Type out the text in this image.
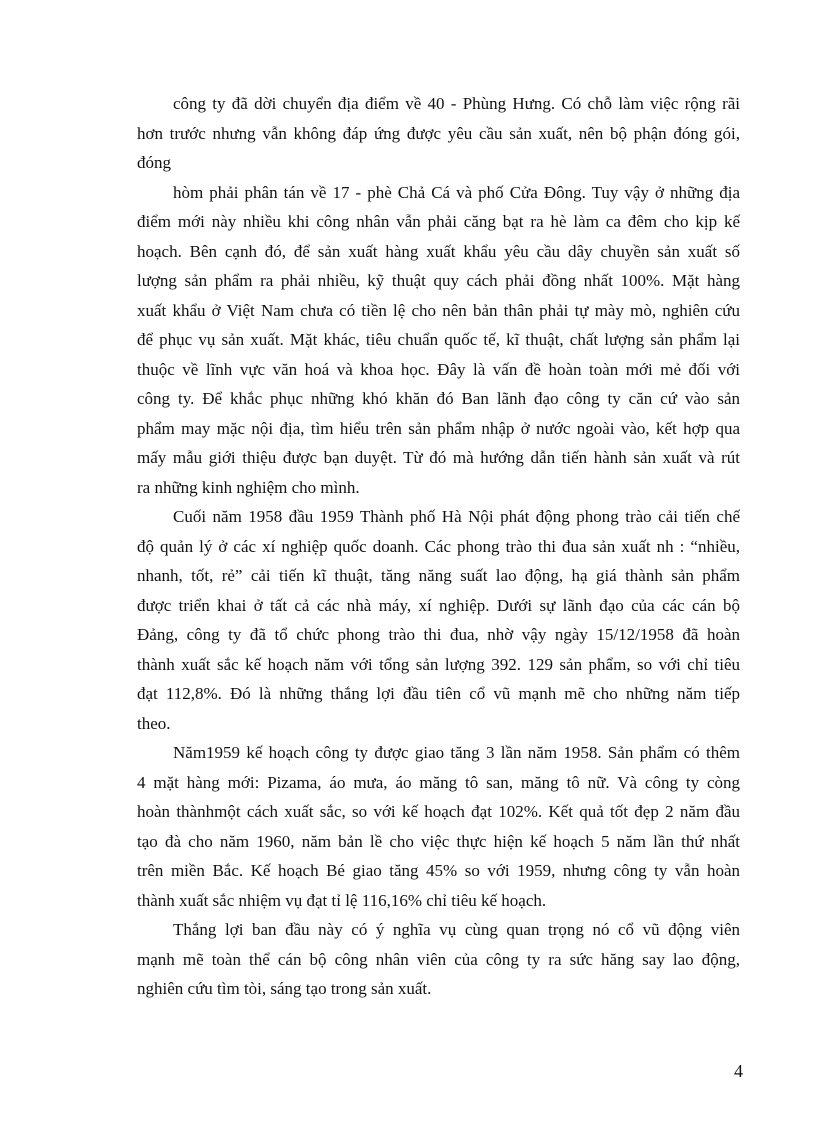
công ty đã dời chuyển địa điểm về 40 - Phùng Hưng. Có chỗ làm việc rộng rãi
hơn trước nhưng vẫn không đáp ứng được yêu cầu sản xuất, nên bộ phận đóng gói,
đóng
hòm phải phân tán về 17 - phè Chả Cá và phố Cửa Đông. Tuy vậy ở những địa
điểm mới này nhiều khi công nhân vẫn phải căng bạt ra hè làm ca đêm cho kịp kế
hoạch. Bên cạnh đó, để sản xuất hàng xuất khẩu yêu cầu dây chuyền sản xuất số
lượng sản phẩm ra phải nhiều, kỹ thuật quy cách phải đồng nhất 100%. Mặt hàng
xuất khẩu ở Việt Nam chưa có tiền lệ cho nên bản thân phải tự mày mò, nghiên cứu
để phục vụ sản xuất. Mặt khác, tiêu chuẩn quốc tế, kĩ thuật, chất lượng sản phẩm lại
thuộc về lĩnh vực văn hoá và khoa học. Đây là vấn đề hoàn toàn mới mẻ đối với
công ty. Để khắc phục những khó khăn đó Ban lãnh đạo công ty căn cứ vào sản
phẩm may mặc nội địa, tìm hiểu trên sản phẩm nhập ở nước ngoài vào, kết hợp qua
mấy mẫu giới thiệu được bạn duyệt. Từ đó mà hướng dẫn tiến hành sản xuất và rút
ra những kinh nghiệm cho mình.
Cuối năm 1958 đầu 1959 Thành phố Hà Nội phát động phong trào cải tiến chế
độ quản lý ở các xí nghiệp quốc doanh. Các phong trào thi đua sản xuất nh : “nhiều,
nhanh, tốt, rẻ” cải tiến kĩ thuật, tăng năng suất lao động, hạ giá thành sản phẩm
được triển khai ở tất cả các nhà máy, xí nghiệp. Dưới sự lãnh đạo của các cán bộ
Đảng, công ty đã tổ chức phong trào thi đua, nhờ vậy ngày 15/12/1958 đã hoàn
thành xuất sắc kế hoạch năm với tổng sản lượng 392. 129 sản phẩm, so với chỉ tiêu
đạt 112,8%. Đó là những thắng lợi đầu tiên cổ vũ mạnh mẽ cho những năm tiếp
theo.
Năm1959 kế hoạch công ty được giao tăng 3 lần năm 1958. Sản phẩm có thêm
4 mặt hàng mới: Pizama, áo mưa, áo măng tô san, măng tô nữ. Và công ty còng
hoàn thànhmột cách xuất sắc, so với kế hoạch đạt 102%. Kết quả tốt đẹp 2 năm đầu
tạo đà cho năm 1960, năm bản lề cho việc thực hiện kế hoạch 5 năm lần thứ nhất
trên miền Bắc. Kế hoạch Bé giao tăng 45% so với 1959, nhưng công ty vẫn hoàn
thành xuất sắc nhiệm vụ đạt tỉ lệ 116,16% chỉ tiêu kế hoạch.
Thắng lợi ban đầu này có ý nghĩa vụ cùng quan trọng nó cổ vũ động viên
mạnh mẽ toàn thể cán bộ công nhân viên của công ty ra sức hăng say lao động,
nghiên cứu tìm tòi, sáng tạo trong sản xuất.
4
